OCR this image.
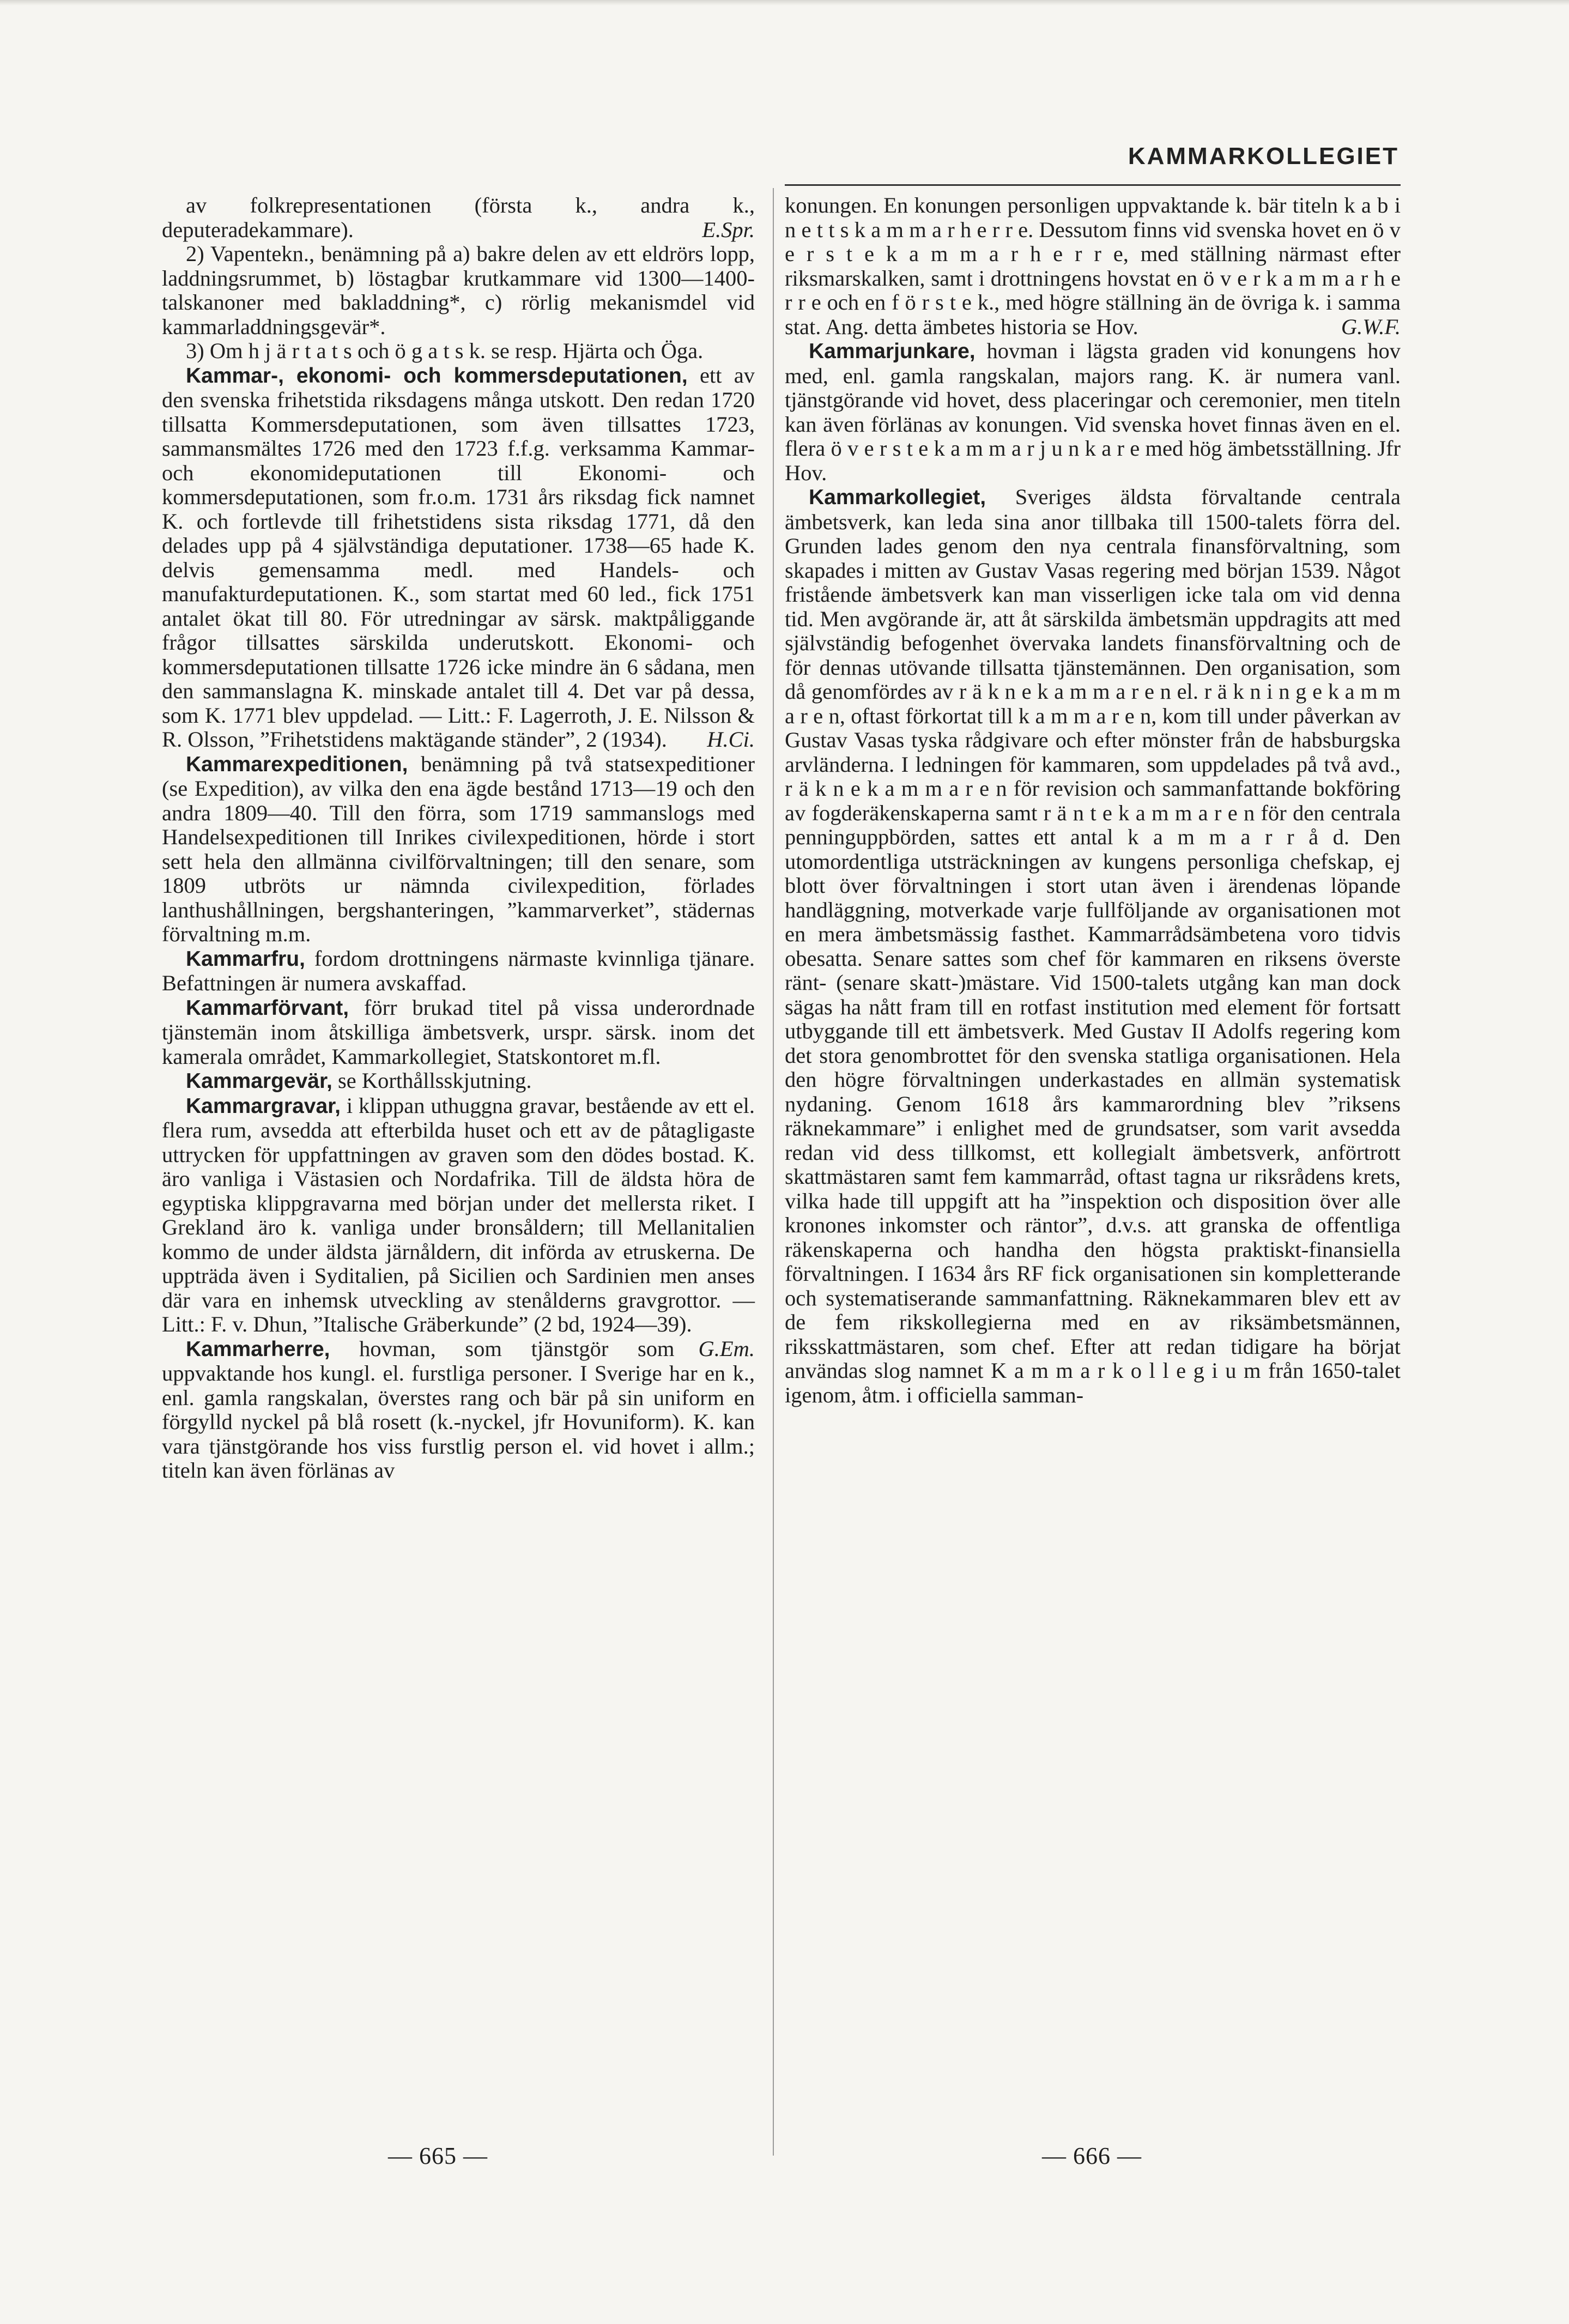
KAMMARKOLLEGIET

av folkrepresentationen (första k., andra k., deputeradekammare).	E.Spr.

2) Vapentekn., benämning på a) bakre delen av ett eldrörs lopp, laddningsrummet, b) löstagbar krutkammare vid 1300—1400-talskanoner med bakladdning*, c) rörlig mekanismdel vid kammarladdningsgevär*.

3) Om h j ä r t a t s och ö g a t s k. se resp. Hjärta och Öga.

Kammar-, ekonomi- och kommersdeputationen, ett av den svenska frihetstida riksdagens många utskott. Den redan 1720 tillsatta Kommersdeputationen, som även tillsattes 1723, sammansmältes 1726 med den 1723 f.f.g. verksamma Kammar- och ekonomideputationen till Ekonomi- och kommersdeputationen, som fr.o.m. 1731 års riksdag fick namnet K. och fortlevde till frihetstidens sista riksdag 1771, då den delades upp på 4 självständiga deputationer. 1738—65 hade K. delvis gemensamma medl. med Handels- och manufakturdeputationen. K., som startat med 60 led., fick 1751 antalet ökat till 80. För utredningar av särsk. maktpåliggande frågor tillsattes särskilda underutskott. Ekonomi- och kommersdeputationen tillsatte 1726 icke mindre än 6 sådana, men den sammanslagna K. minskade antalet till 4. Det var på dessa, som K. 1771 blev uppdelad. — Litt.: F. Lagerroth, J. E. Nilsson & R. Olsson, ”Frihetstidens maktägande ständer”, 2 (1934).	H.Ci.

Kammarexpeditionen, benämning på två statsexpeditioner (se Expedition), av vilka den ena ägde bestånd 1713—19 och den andra 1809—40. Till den förra, som 1719 sammanslogs med Handelsexpeditionen till Inrikes civilexpeditionen, hörde i stort sett hela den allmänna civilförvaltningen; till den senare, som 1809 utbröts ur nämnda civilexpedition, förlades lanthushållningen, bergshanteringen, ”kammarverket”, städernas förvaltning m.m.

Kammarfru, fordom drottningens närmaste kvinnliga tjänare. Befattningen är numera avskaffad.

Kammarförvant, förr brukad titel på vissa underordnade tjänstemän inom åtskilliga ämbetsverk, urspr. särsk. inom det kamerala området, Kammarkollegiet, Statskontoret m.fl.

Kammargevär, se Korthållsskjutning.

Kammargravar, i klippan uthuggna gravar, bestående av ett el. flera rum, avsedda att efterbilda huset och ett av de påtagligaste uttrycken för uppfattningen av graven som den dödes bostad. K. äro vanliga i Västasien och Nordafrika. Till de äldsta höra de egyptiska klippgravarna med början under det mellersta riket. I Grekland äro k. vanliga under bronsåldern; till Mellanitalien kommo de under äldsta järnåldern, dit införda av etruskerna. De uppträda även i Syditalien, på Sicilien och Sardinien men anses där vara en inhemsk utveckling av stenålderns gravgrottor. — Litt.: F. v. Dhun, ”Italische Gräberkunde” (2 bd, 1924—39).
G.Em.

Kammarherre, hovman, som tjänstgör som uppvaktande hos kungl. el. furstliga personer. I Sverige har en k., enl. gamla rangskalan, överstes rang och bär på sin uniform en förgylld nyckel på blå rosett (k.-nyckel, jfr Hovuniform). K. kan vara tjänstgörande hos viss furstlig person el. vid hovet i allm.; titeln kan även förlänas av

konungen. En konungen personligen uppvaktande k. bär titeln k a b i n e t t s k a m m a r h e r r e. Dessutom finns vid svenska hovet en ö v e r s t e k a m m a r h e r r e, med ställning närmast efter riksmarskalken, samt i drottningens hovstat en ö v e r k a m m a r h e r r e och en f ö r s t e k., med högre ställning än de övriga k. i samma stat. Ang. detta ämbetes historia se Hov.	G.W.F.

Kammarjunkare, hovman i lägsta graden vid konungens hov med, enl. gamla rangskalan, majors rang. K. är numera vanl. tjänstgörande vid hovet, dess placeringar och ceremonier, men titeln kan även förlänas av konungen. Vid svenska hovet finnas även en el. flera ö v e r s t e k a m m a r j u n k a r e med hög ämbetsställning. Jfr Hov.

Kammarkollegiet, Sveriges äldsta förvaltande centrala ämbetsverk, kan leda sina anor tillbaka till 1500-talets förra del. Grunden lades genom den nya centrala finansförvaltning, som skapades i mitten av Gustav Vasas regering med början 1539. Något fristående ämbetsverk kan man visserligen icke tala om vid denna tid. Men avgörande är, att åt särskilda ämbetsmän uppdragits att med självständig befogenhet övervaka landets finansförvaltning och de för dennas utövande tillsatta tjänstemännen. Den organisation, som då genomfördes av r ä k n e k a m m a r e n el. r ä k n i n g e k a m m a r e n, oftast förkortat till k a m m a r e n, kom till under påverkan av Gustav Vasas tyska rådgivare och efter mönster från de habsburgska arvländerna. I ledningen för kammaren, som uppdelades på två avd., r ä k n e k a m m a r e n för revision och sammanfattande bokföring av fogderäkenskaperna samt r ä n t e k a m m a r e n för den centrala penninguppbörden, sattes ett antal k a m m a r r å d. Den utomordentliga utsträckningen av kungens personliga chefskap, ej blott över förvaltningen i stort utan även i ärendenas löpande handläggning, motverkade varje fullföljande av organisationen mot en mera ämbetsmässig fasthet. Kammarrådsämbetena voro tidvis obesatta. Senare sattes som chef för kammaren en riksens överste ränt- (senare skatt-)mästare. Vid 1500-talets utgång kan man dock sägas ha nått fram till en rotfast institution med element för fortsatt utbyggande till ett ämbetsverk. Med Gustav II Adolfs regering kom det stora genombrottet för den svenska statliga organisationen. Hela den högre förvaltningen underkastades en allmän systematisk nydaning. Genom 1618 års kammarordning blev ”riksens räknekammare” i enlighet med de grundsatser, som varit avsedda redan vid dess tillkomst, ett kollegialt ämbetsverk, anförtrott skattmästaren samt fem kammarråd, oftast tagna ur riksrådens krets, vilka hade till uppgift att ha ”inspektion och disposition över alle kronones inkomster och räntor”, d.v.s. att granska de offentliga räkenskaperna och handha den högsta praktiskt-finansiella förvaltningen. I 1634 års RF fick organisationen sin kompletterande och systematiserande sammanfattning. Räknekammaren blev ett av de fem rikskollegierna med en av riksämbetsmännen, riksskattmästaren, som chef. Efter att redan tidigare ha börjat användas slog namnet K a m m a r k o l l e g i u m från 1650-talet igenom, åtm. i officiella samman-

— 665 —	— 666 —
